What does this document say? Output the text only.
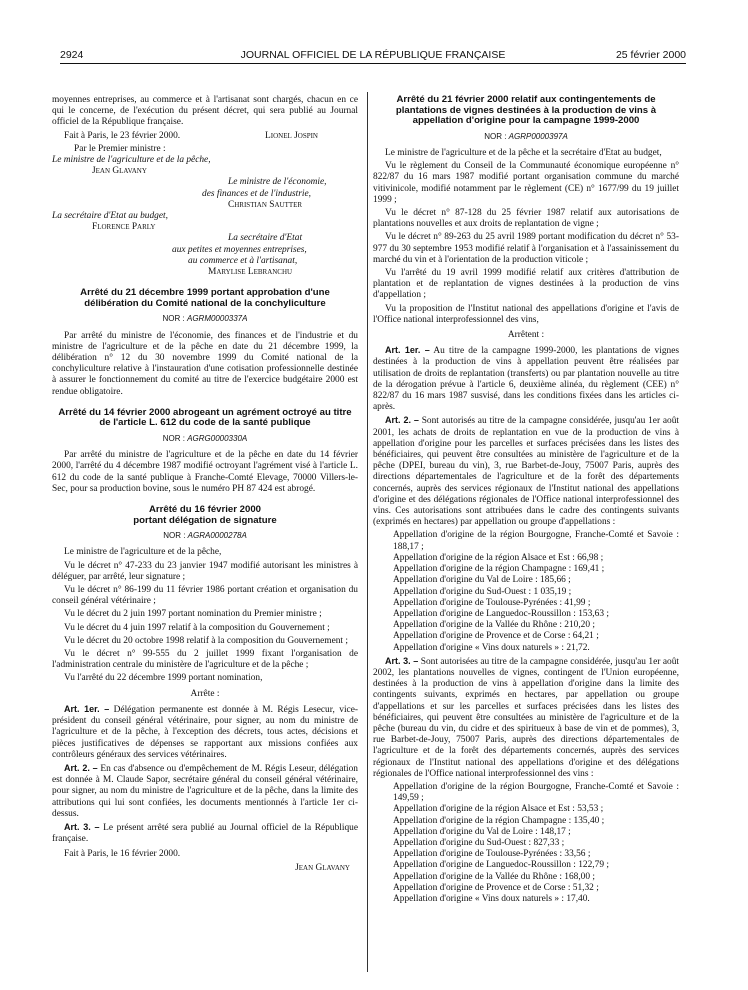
2924	JOURNAL OFFICIEL DE LA RÉPUBLIQUE FRANÇAISE	25 février 2000

moyennes entreprises, au commerce et à l'artisanat sont chargés, chacun en ce qui le concerne, de l'exécution du présent décret, qui sera publié au Journal officiel de la République française.

Fait à Paris, le 23 février 2000.	Lionel Jospin

Par le Premier ministre :

Le ministre de l'agriculture et de la pêche,

Jean Glavany

Le ministre de l'économie,

des finances et de l'industrie,

Christian Sautter

La secrétaire d'Etat au budget,

Florence Parly

La secrétaire d'Etat

aux petites et moyennes entreprises,

au commerce et à l'artisanat,

Marylise Lebranchu

Arrêté du 21 décembre 1999 portant approbation d'une délibération du Comité national de la conchyliculture
NOR : AGRM0000337A

Par arrêté du ministre de l'économie, des finances et de l'industrie et du ministre de l'agriculture et de la pêche en date du 21 décembre 1999, la délibération n° 12 du 30 novembre 1999 du Comité national de la conchyliculture relative à l'instauration d'une cotisation professionnelle destinée à assurer le fonctionnement du comité au titre de l'exercice budgétaire 2000 est rendue obligatoire.

Arrêté du 14 février 2000 abrogeant un agrément octroyé au titre de l'article L. 612 du code de la santé publique
NOR : AGRG0000330A

Par arrêté du ministre de l'agriculture et de la pêche en date du 14 février 2000, l'arrêté du 4 décembre 1987 modifié octroyant l'agrément visé à l'article L. 612 du code de la santé publique à Franche-Comté Elevage, 70000 Villers-le-Sec, pour sa production bovine, sous le numéro PH 87 424 est abrogé.

Arrêté du 16 février 2000
portant délégation de signature
NOR : AGRA0000278A

Le ministre de l'agriculture et de la pêche,

Vu le décret n° 47-233 du 23 janvier 1947 modifié autorisant les ministres à déléguer, par arrêté, leur signature ;

Vu le décret n° 86-199 du 11 février 1986 portant création et organisation du conseil général vétérinaire ;

Vu le décret du 2 juin 1997 portant nomination du Premier ministre ;

Vu le décret du 4 juin 1997 relatif à la composition du Gouvernement ;

Vu le décret du 20 octobre 1998 relatif à la composition du Gouvernement ;

Vu le décret n° 99-555 du 2 juillet 1999 fixant l'organisation de l'administration centrale du ministère de l'agriculture et de la pêche ;

Vu l'arrêté du 22 décembre 1999 portant nomination,

Arrête :

Art. 1er. – Délégation permanente est donnée à M. Régis Lesecur, vice-président du conseil général vétérinaire, pour signer, au nom du ministre de l'agriculture et de la pêche, à l'exception des décrets, tous actes, décisions et pièces justificatives de dépenses se rapportant aux missions confiées aux contrôleurs généraux des services vétérinaires.

Art. 2. – En cas d'absence ou d'empêchement de M. Régis Leseur, délégation est donnée à M. Claude Sapor, secrétaire général du conseil général vétérinaire, pour signer, au nom du ministre de l'agriculture et de la pêche, dans la limite des attributions qui lui sont confiées, les documents mentionnés à l'article 1er ci-dessus.

Art. 3. – Le présent arrêté sera publié au Journal officiel de la République française.

Fait à Paris, le 16 février 2000.

Jean Glavany

Arrêté du 21 février 2000 relatif aux contingentements de plantations de vignes destinées à la production de vins à appellation d'origine pour la campagne 1999-2000
NOR : AGRP0000397A

Le ministre de l'agriculture et de la pêche et la secrétaire d'Etat au budget,

Vu le règlement du Conseil de la Communauté économique européenne n° 822/87 du 16 mars 1987 modifié portant organisation commune du marché vitivinicole, modifié notamment par le règlement (CE) n° 1677/99 du 19 juillet 1999 ;

Vu le décret n° 87-128 du 25 février 1987 relatif aux autorisations de plantations nouvelles et aux droits de replantation de vigne ;

Vu le décret n° 89-263 du 25 avril 1989 portant modification du décret n° 53-977 du 30 septembre 1953 modifié relatif à l'organisation et à l'assainissement du marché du vin et à l'orientation de la production viticole ;

Vu l'arrêté du 19 avril 1999 modifié relatif aux critères d'attribution de plantation et de replantation de vignes destinées à la production de vins d'appellation ;

Vu la proposition de l'Institut national des appellations d'origine et l'avis de l'Office national interprofessionnel des vins,

Arrêtent :

Art. 1er. – Au titre de la campagne 1999-2000, les plantations de vignes destinées à la production de vins à appellation peuvent être réalisées par utilisation de droits de replantation (transferts) ou par plantation nouvelle au titre de la dérogation prévue à l'article 6, deuxième alinéa, du règlement (CEE) n° 822/87 du 16 mars 1987 susvisé, dans les conditions fixées dans les articles ci-après.

Art. 2. – Sont autorisés au titre de la campagne considérée, jusqu'au 1er août 2001, les achats de droits de replantation en vue de la production de vins à appellation d'origine pour les parcelles et surfaces précisées dans les listes des bénéficiaires, qui peuvent être consultées au ministère de l'agriculture et de la pêche (DPEI, bureau du vin), 3, rue Barbet-de-Jouy, 75007 Paris, auprès des directions départementales de l'agriculture et de la forêt des départements concernés, auprès des services régionaux de l'Institut national des appellations d'origine et des délégations régionales de l'Office national interprofessionnel des vins. Ces autorisations sont attribuées dans le cadre des contingents suivants (exprimés en hectares) par appellation ou groupe d'appellations :

Appellation d'origine de la région Bourgogne, Franche-Comté et Savoie : 188,17 ;

Appellation d'origine de la région Alsace et Est : 66,98 ;

Appellation d'origine de la région Champagne : 169,41 ;

Appellation d'origine du Val de Loire : 185,66 ;

Appellation d'origine du Sud-Ouest : 1 035,19 ;

Appellation d'origine de Toulouse-Pyrénées : 41,99 ;

Appellation d'origine de Languedoc-Roussillon : 153,63 ;

Appellation d'origine de la Vallée du Rhône : 210,20 ;

Appellation d'origine de Provence et de Corse : 64,21 ;

Appellation d'origine « Vins doux naturels » : 21,72.

Art. 3. – Sont autorisées au titre de la campagne considérée, jusqu'au 1er août 2002, les plantations nouvelles de vignes, contingent de l'Union européenne, destinées à la production de vins à appellation d'origine dans la limite des contingents suivants, exprimés en hectares, par appellation ou groupe d'appellations et sur les parcelles et surfaces précisées dans les listes des bénéficiaires, qui peuvent être consultées au ministère de l'agriculture et de la pêche (bureau du vin, du cidre et des spiritueux à base de vin et de pommes), 3, rue Barbet-de-Jouy, 75007 Paris, auprès des directions départementales de l'agriculture et de la forêt des départements concernés, auprès des services régionaux de l'Institut national des appellations d'origine et des délégations régionales de l'Office national interprofessionnel des vins :

Appellation d'origine de la région Bourgogne, Franche-Comté et Savoie : 149,59 ;

Appellation d'origine de la région Alsace et Est : 53,53 ;

Appellation d'origine de la région Champagne : 135,40 ;

Appellation d'origine du Val de Loire : 148,17 ;

Appellation d'origine du Sud-Ouest : 827,33 ;

Appellation d'origine de Toulouse-Pyrénées : 33,56 ;

Appellation d'origine de Languedoc-Roussillon : 122,79 ;

Appellation d'origine de la Vallée du Rhône : 168,00 ;

Appellation d'origine de Provence et de Corse : 51,32 ;

Appellation d'origine « Vins doux naturels » : 17,40.
